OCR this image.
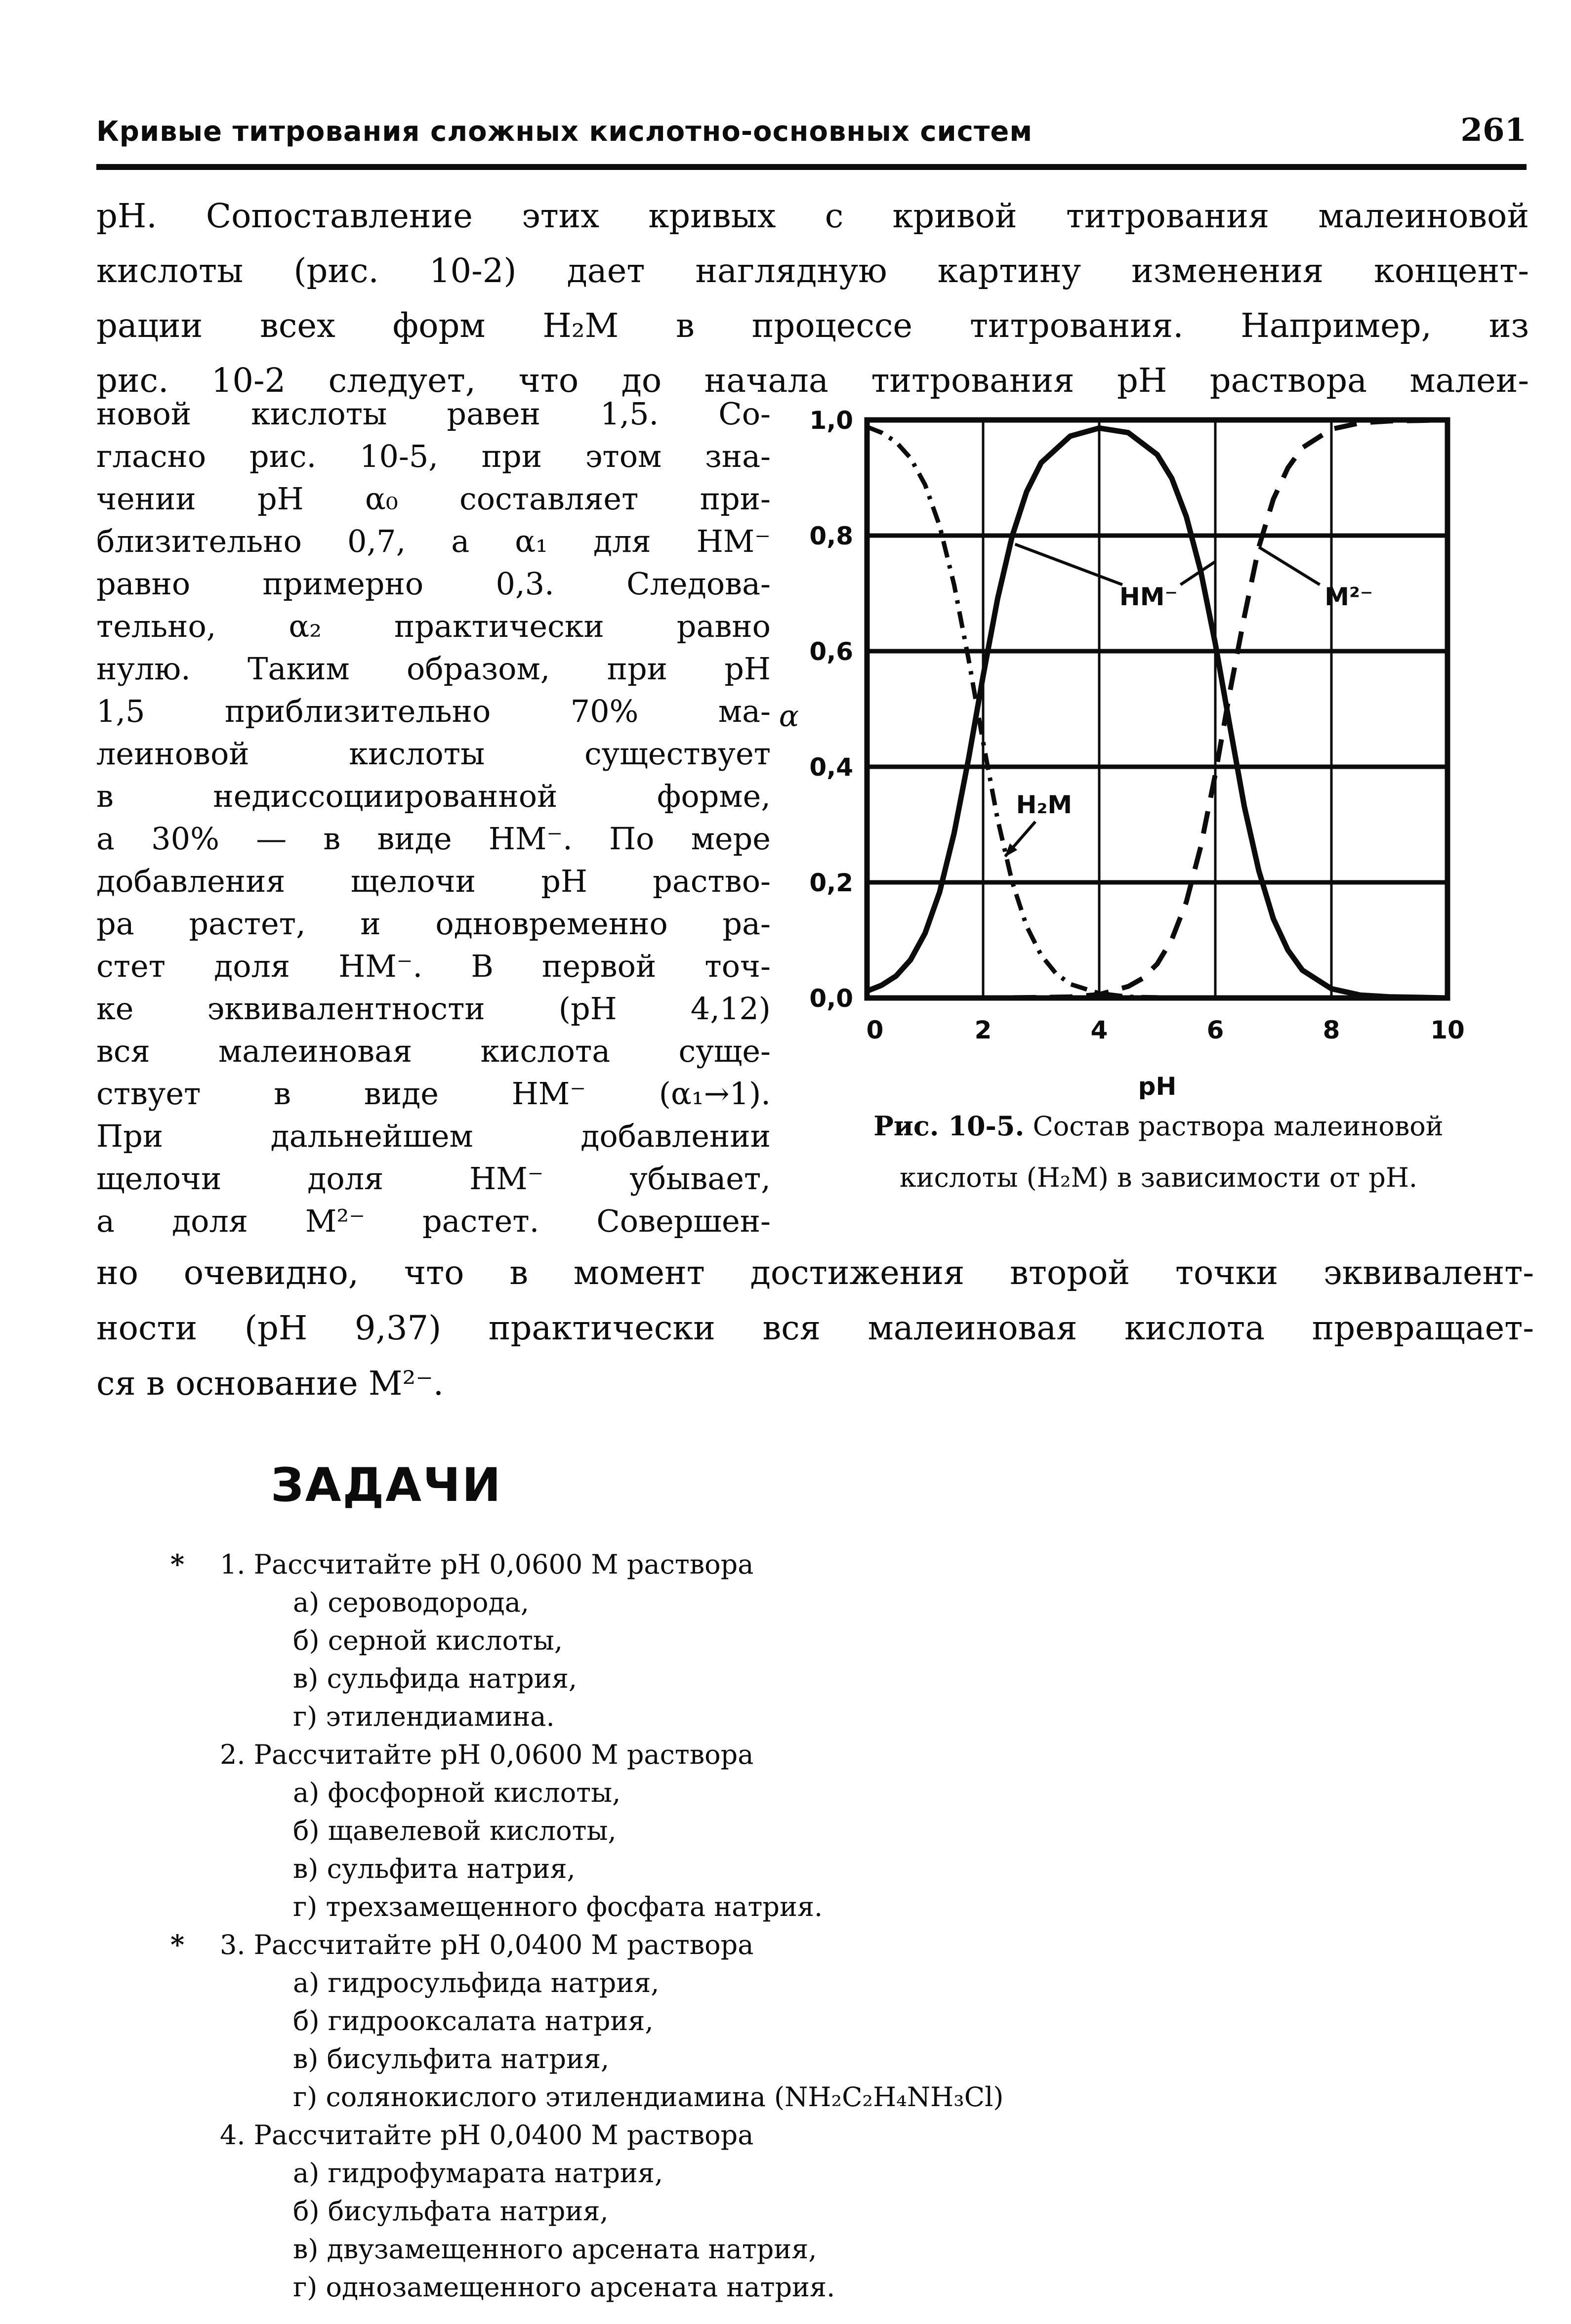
Кривые титрования сложных кислотно-основных систем	261
рН. Сопоставление этих кривых с кривой титрования малеиновой
кислоты (рис. 10-2) дает наглядную картину изменения концент-
рации всех форм Н₂М в процессе титрования. Например, из
рис. 10-2 следует, что до начала титрования рН раствора малеи-
новой кислоты равен 1,5. Со-
гласно рис. 10-5, при этом зна-
чении рН α₀ составляет при-
близительно 0,7, а α₁ для НМ⁻
равно примерно 0,3. Следова-
тельно, α₂ практически равно
нулю. Таким образом, при рН
1,5 приблизительно 70% ма-
леиновой кислоты существует
в недиссоциированной форме,
а 30% — в виде НМ⁻. По мере
добавления щелочи рН раство-
ра растет, и одновременно ра-
стет доля НМ⁻. В первой точ-
ке эквивалентности (рН 4,12)
вся малеиновая кислота суще-
ствует в виде НМ⁻ (α₁→1).
При дальнейшем добавлении
щелочи доля НМ⁻ убывает,
а доля М²⁻ растет. Совершен-
НМ⁻	М²⁻
Н₂М
1,0
0,8
0,6
0,4
0,2
0,0
0	2	4	6	8	10
α
рН
Рис. 10-5. Состав раствора малеиновой
кислоты (Н₂М) в зависимости от рН.
но очевидно, что в момент достижения второй точки эквивалент-
ности (рН 9,37) практически вся малеиновая кислота превращает-
ся в основание М²⁻.
ЗАДАЧИ
* 1. Рассчитайте рН 0,0600 М раствора
а) сероводорода,
б) серной кислоты,
в) сульфида натрия,
г) этилендиамина.
2. Рассчитайте рН 0,0600 М раствора
а) фосфорной кислоты,
б) щавелевой кислоты,
в) сульфита натрия,
г) трехзамещенного фосфата натрия.
* 3. Рассчитайте рН 0,0400 М раствора
а) гидросульфида натрия,
б) гидрооксалата натрия,
в) бисульфита натрия,
г) солянокислого этилендиамина (NH₂C₂H₄NH₃Cl)
4. Рассчитайте рН 0,0400 М раствора
а) гидрофумарата натрия,
б) бисульфата натрия,
в) двузамещенного арсената натрия,
г) однозамещенного арсената натрия.
